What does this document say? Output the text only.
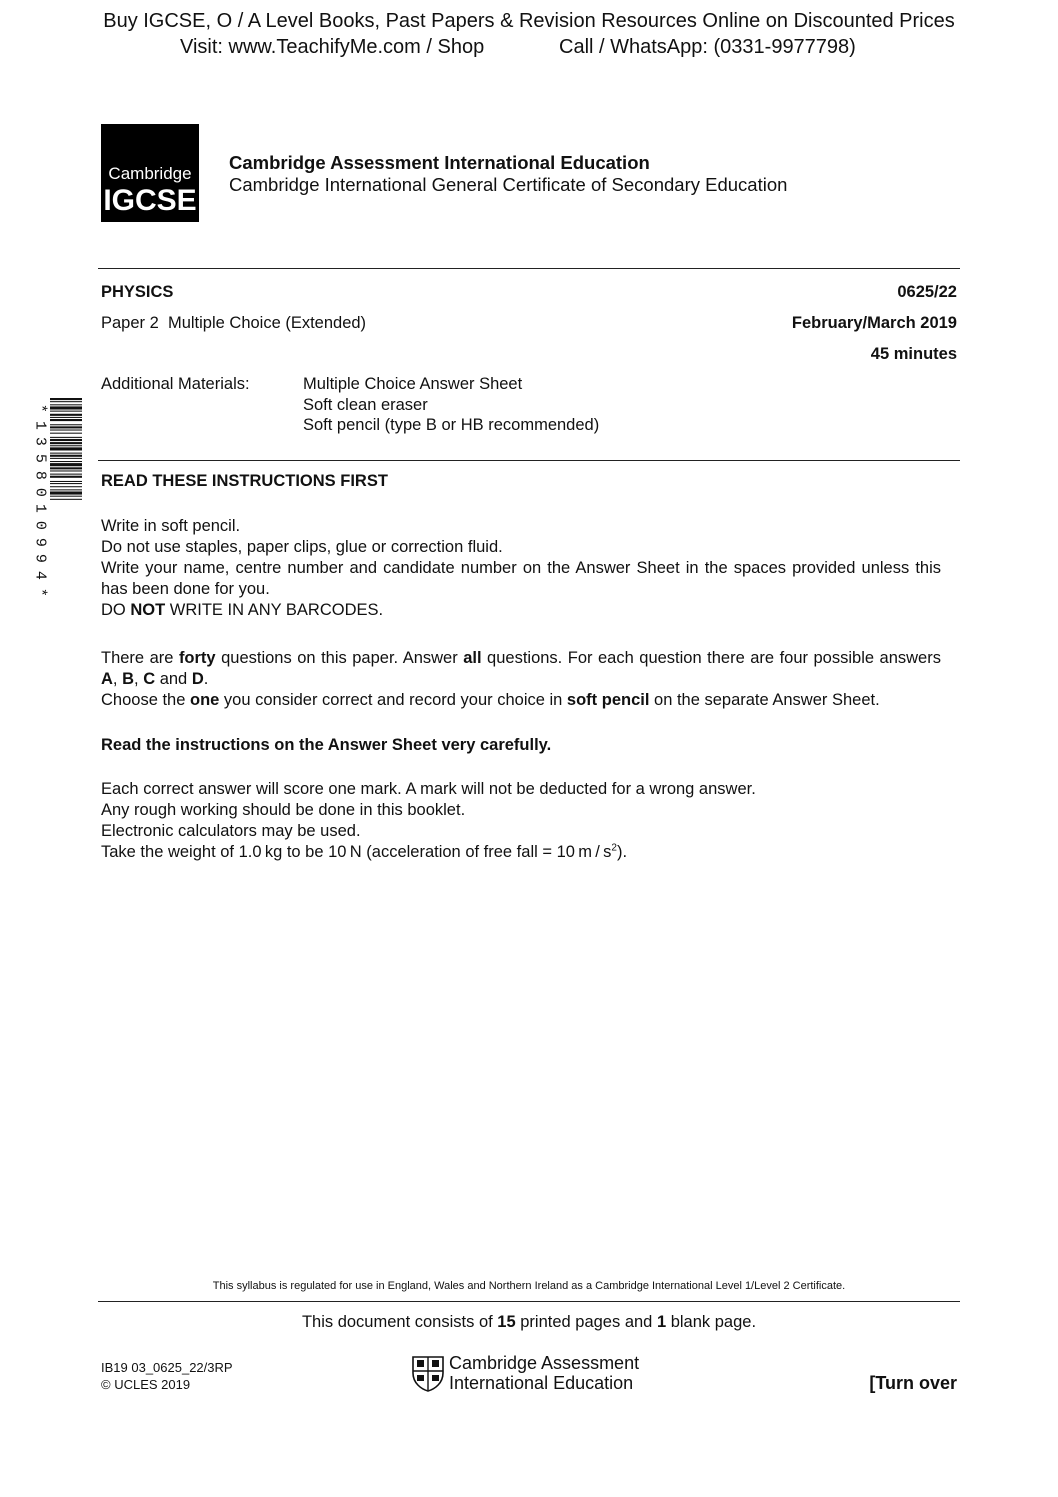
Buy IGCSE, O / A Level Books, Past Papers & Revision Resources Online on Discounted Prices
Visit: www.TeachifyMe.com / Shop	Call / WhatsApp: (0331-9977798)
Cambridge
IGCSE
Cambridge Assessment International Education
Cambridge International General Certificate of Secondary Education
PHYSICS	0625/22
Paper 2  Multiple Choice (Extended)	February/March 2019
45 minutes
Additional Materials:	Multiple Choice Answer Sheet
Soft clean eraser
Soft pencil (type B or HB recommended)
*
1
3
5
8
0
1
0
9
9
4
*
READ THESE INSTRUCTIONS FIRST

Write in soft pencil.

Do not use staples, paper clips, glue or correction fluid.

Write your name, centre number and candidate number on the Answer Sheet in the spaces provided unless this has been done for you.

DO NOT WRITE IN ANY BARCODES.

There are forty questions on this paper. Answer all questions. For each question there are four possible answers A, B, C and D.

Choose the one you consider correct and record your choice in soft pencil on the separate Answer Sheet.

Read the instructions on the Answer Sheet very carefully.

Each correct answer will score one mark. A mark will not be deducted for a wrong answer.

Any rough working should be done in this booklet.

Electronic calculators may be used.

Take the weight of 1.0 kg to be 10 N (acceleration of free fall = 10 m / $s^2$).

This syllabus is regulated for use in England, Wales and Northern Ireland as a Cambridge International Level 1/Level 2 Certificate.
This document consists of 15 printed pages and 1 blank page.
IB19 03_0625_22/3RP
© UCLES 2019
Cambridge Assessment
International Education	[Turn over
